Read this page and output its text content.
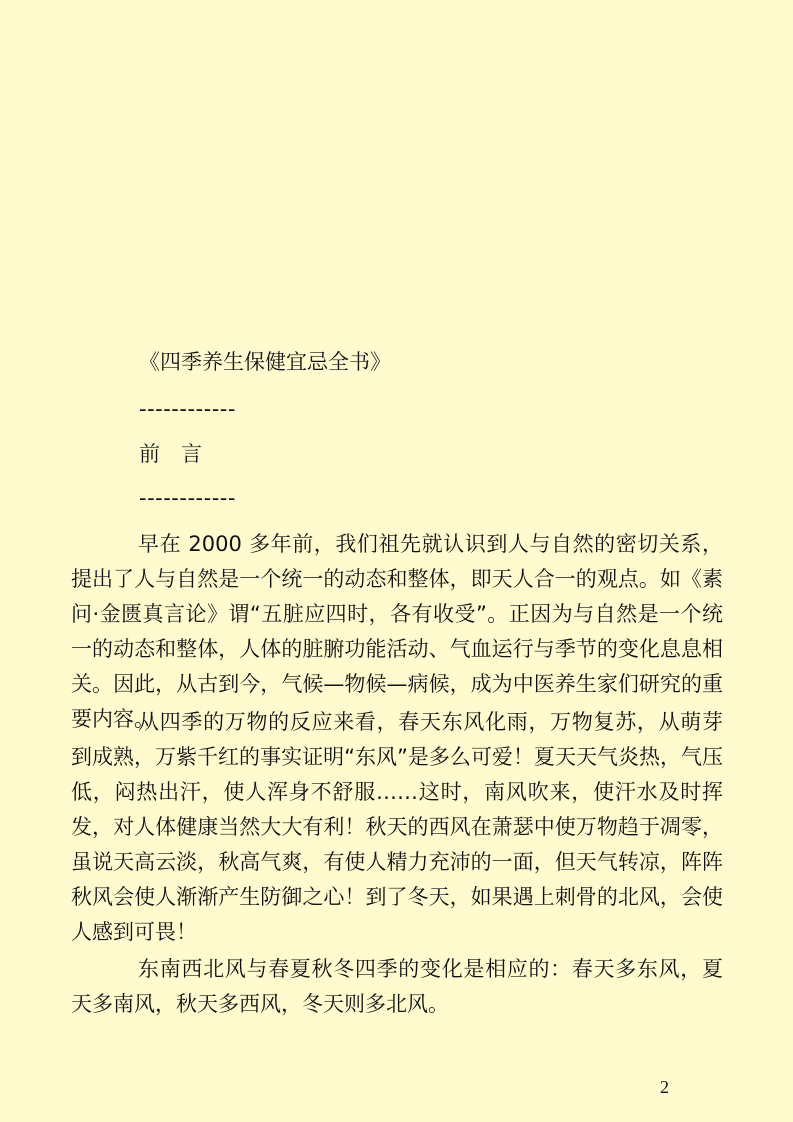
《四季养生保健宜忌全书》
------------
前　言
------------

早在 2000 多年前，我们祖先就认识到人与自然的密切关系，提出了人与自然是一个统一的动态和整体，即天人合一的观点。如《素问·金匮真言论》谓“五脏应四时，各有收受”。正因为与自然是一个统一的动态和整体，人体的脏腑功能活动、气血运行与季节的变化息息相关。因此，从古到今，气候—物候—病候，成为中医养生家们研究的重要内容。

从四季的万物的反应来看，春天东风化雨，万物复苏，从萌芽到成熟，万紫千红的事实证明“东风”是多么可爱！夏天天气炎热，气压低，闷热出汗，使人浑身不舒服……这时，南风吹来，使汗水及时挥发，对人体健康当然大大有利！秋天的西风在萧瑟中使万物趋于凋零，虽说天高云淡，秋高气爽，有使人精力充沛的一面，但天气转凉，阵阵秋风会使人渐渐产生防御之心！到了冬天，如果遇上刺骨的北风，会使人感到可畏！

东南西北风与春夏秋冬四季的变化是相应的：春天多东风，夏天多南风，秋天多西风，冬天则多北风。

2
